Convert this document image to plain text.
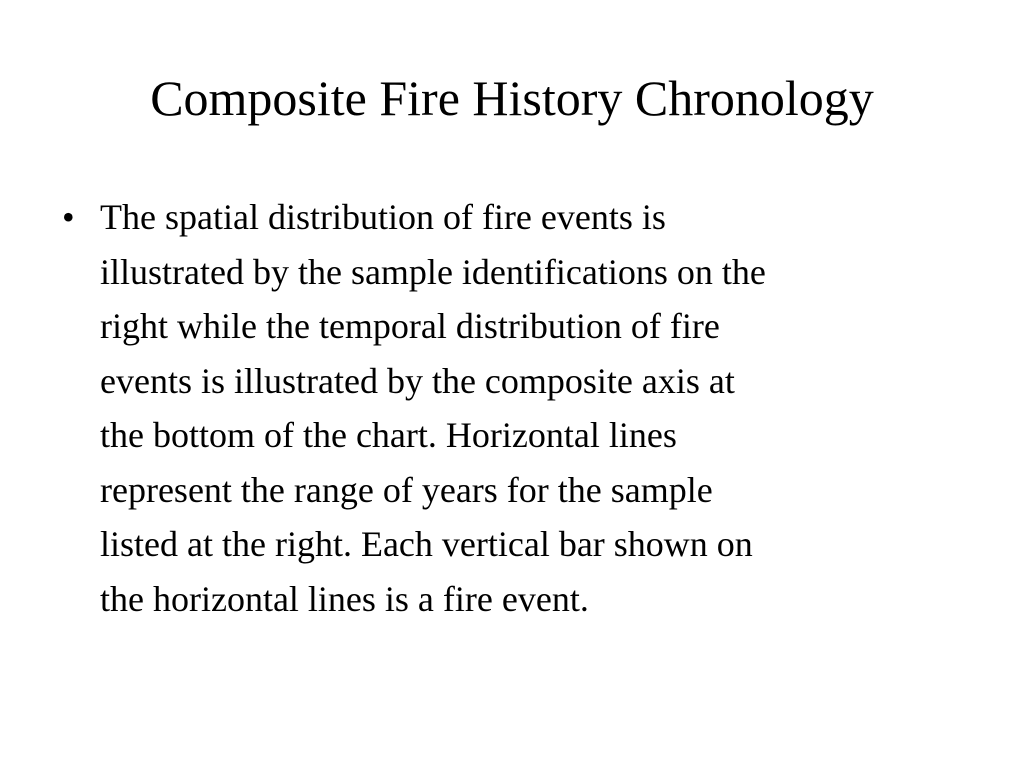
Composite Fire History Chronology
• The spatial distribution of fire events is
illustrated by the sample identifications on the
right while the temporal distribution of fire
events is illustrated by the composite axis at
the bottom of the chart. Horizontal lines
represent the range of years for the sample
listed at the right. Each vertical bar shown on
the horizontal lines is a fire event.
